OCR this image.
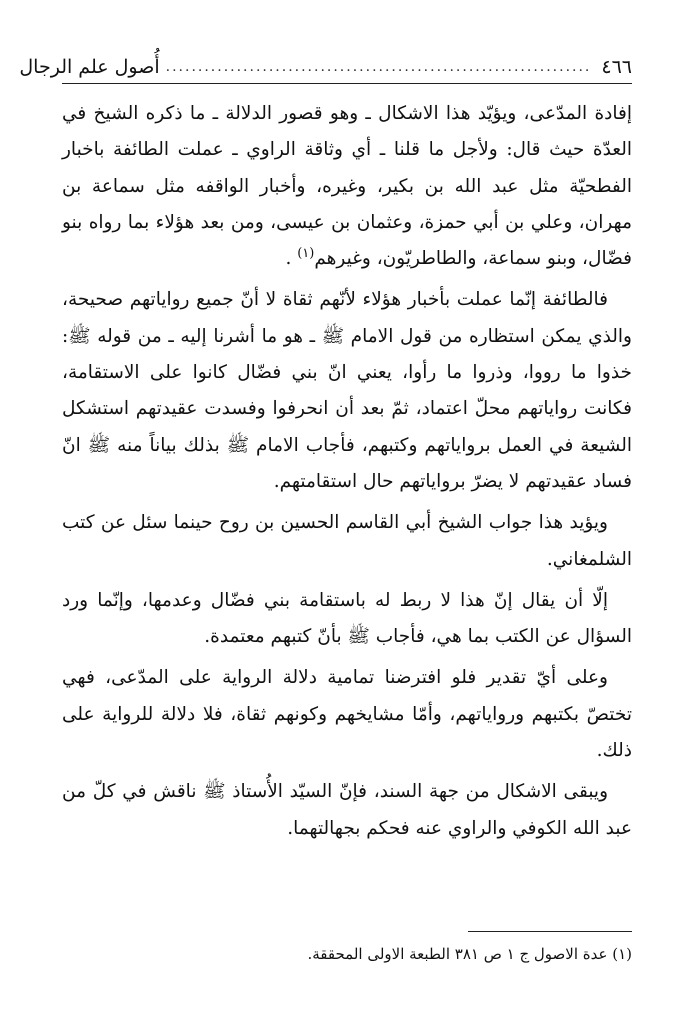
٤٦٦
..................................................................
أُصول علم الرجال

إفادة المدّعى، ويؤيّد هذا الاشكال ـ وهو قصور الدلالة ـ ما ذكره الشيخ في العدّة حيث قال: ولأجل ما قلنا ـ أي وثاقة الراوي ـ عملت الطائفة باخبار الفطحيّة مثل عبد الله بن بكير، وغيره، وأخبار الواقفه مثل سماعة بن مهران، وعلي بن أبي حمزة، وعثمان بن عيسى، ومن بعد هؤلاء بما رواه بنو فضّال، وبنو سماعة، والطاطريّون، وغيرهم$^{(١)}$ .

فالطائفة إنّما عملت بأخبار هؤلاء لأنّهم ثقاة لا أنّ جميع رواياتهم صحيحة، والذي يمكن استظاره من قول الامام ﷺ ـ هو ما أشرنا إليه ـ من قوله ﷺ: خذوا ما رووا، وذروا ما رأوا، يعني انّ بني فضّال كانوا على الاستقامة، فكانت رواياتهم محلّ اعتماد، ثمّ بعد أن انحرفوا وفسدت عقيدتهم استشكل الشيعة في العمل برواياتهم وكتبهم، فأجاب الامام ﷺ بذلك بياناً منه ﷺ انّ فساد عقيدتهم لا يضرّ برواياتهم حال استقامتهم.

ويؤيد هذا جواب الشيخ أبي القاسم الحسين بن روح حينما سئل عن كتب الشلمغاني.

إلّا أن يقال إنّ هذا لا ربط له باستقامة بني فضّال وعدمها، وإنّما ورد السؤال عن الكتب بما هي، فأجاب ﷺ بأنّ كتبهم معتمدة.

وعلى أيّ تقدير فلو افترضنا تمامية دلالة الرواية على المدّعى، فهي تختصّ بكتبهم ورواياتهم، وأمّا مشايخهم وكونهم ثقاة، فلا دلالة للرواية على ذلك.

ويبقى الاشكال من جهة السند، فإنّ السيّد الأُستاذ ﷺ ناقش في كلّ من عبد الله الكوفي والراوي عنه فحكم بجهالتهما.

(١) عدة الاصول ج ١ ص ٣٨١ الطبعة الاولى المحققة.
